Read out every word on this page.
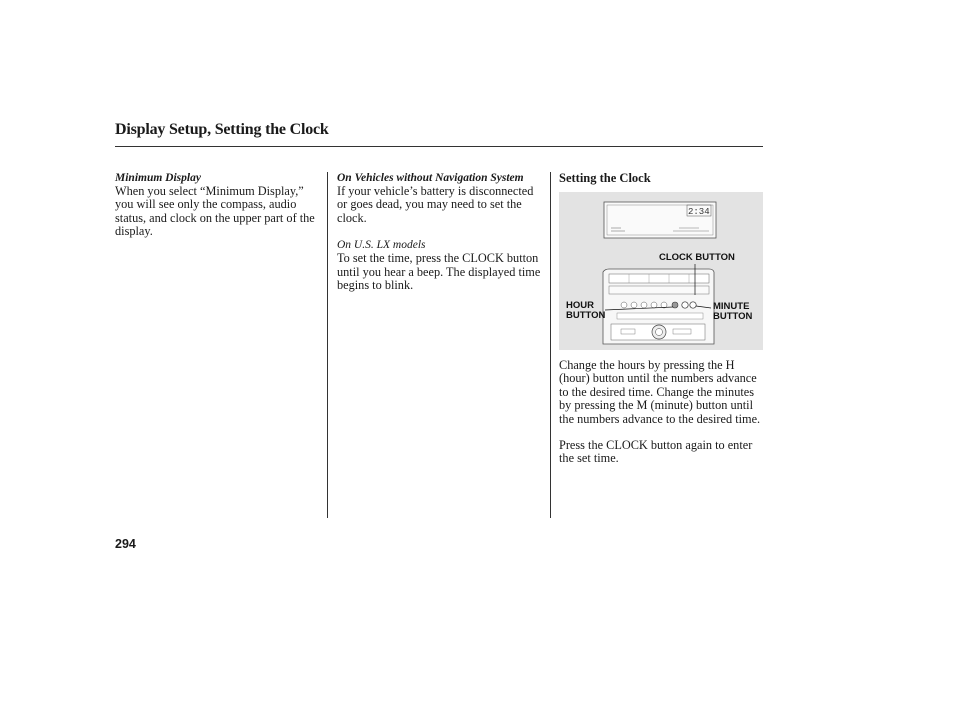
Display Setup, Setting the Clock

Minimum Display

When you select “Minimum Display,” you will see only the compass, audio status, and clock on the upper part of the display.

On Vehicles without Navigation System

If your vehicle’s battery is disconnected or goes dead, you may need to set the clock.

On U.S. LX models

To set the time, press the CLOCK button until you hear a beep. The displayed time begins to blink.

Setting the Clock

2:34
CLOCK BUTTON
HOUR
BUTTON
MINUTE
BUTTON

Change the hours by pressing the H (hour) button until the numbers advance to the desired time. Change the minutes by pressing the M (minute) button until the numbers advance to the desired time.

Press the CLOCK button again to enter the set time.

294
